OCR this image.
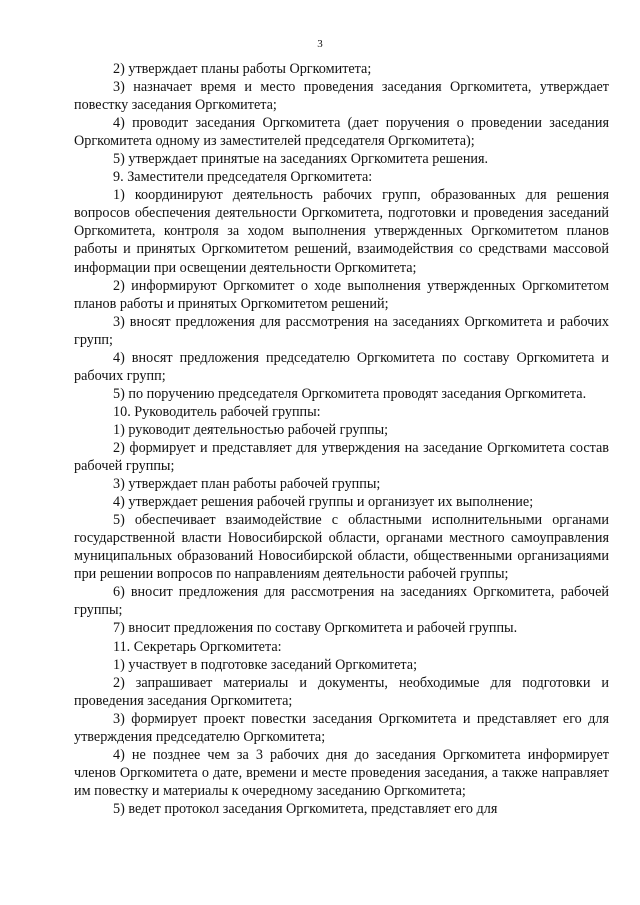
3

2) утверждает планы работы Оргкомитета;

3) назначает время и место проведения заседания Оргкомитета, утверждает повестку заседания Оргкомитета;

4) проводит заседания Оргкомитета (дает поручения о проведении заседания Оргкомитета одному из заместителей председателя Оргкомитета);

5) утверждает принятые на заседаниях Оргкомитета решения.

9. Заместители председателя Оргкомитета:

1) координируют деятельность рабочих групп, образованных для решения вопросов обеспечения деятельности Оргкомитета, подготовки и проведения заседаний Оргкомитета, контроля за ходом выполнения утвержденных Оргкомитетом планов работы и принятых Оргкомитетом решений, взаимодействия со средствами массовой информации при освещении деятельности Оргкомитета;

2) информируют Оргкомитет о ходе выполнения утвержденных Оргкомитетом планов работы и принятых Оргкомитетом решений;

3) вносят предложения для рассмотрения на заседаниях Оргкомитета и рабочих групп;

4) вносят предложения председателю Оргкомитета по составу Оргкомитета и рабочих групп;

5) по поручению председателя Оргкомитета проводят заседания Оргкомитета.

10. Руководитель рабочей группы:

1) руководит деятельностью рабочей группы;

2) формирует и представляет для утверждения на заседание Оргкомитета состав рабочей группы;

3) утверждает план работы рабочей группы;

4) утверждает решения рабочей группы и организует их выполнение;

5) обеспечивает взаимодействие с областными исполнительными органами государственной власти Новосибирской области, органами местного самоуправления муниципальных образований Новосибирской области, общественными организациями при решении вопросов по направлениям деятельности рабочей группы;

6) вносит предложения для рассмотрения на заседаниях Оргкомитета, рабочей группы;

7) вносит предложения по составу Оргкомитета и рабочей группы.

11. Секретарь Оргкомитета:

1) участвует в подготовке заседаний Оргкомитета;

2) запрашивает материалы и документы, необходимые для подготовки и проведения заседания Оргкомитета;

3) формирует проект повестки заседания Оргкомитета и представляет его для утверждения председателю Оргкомитета;

4) не позднее чем за 3 рабочих дня до заседания Оргкомитета информирует членов Оргкомитета о дате, времени и месте проведения заседания, а также направляет им повестку и материалы к очередному заседанию Оргкомитета;

5) ведет протокол заседания Оргкомитета, представляет его для
